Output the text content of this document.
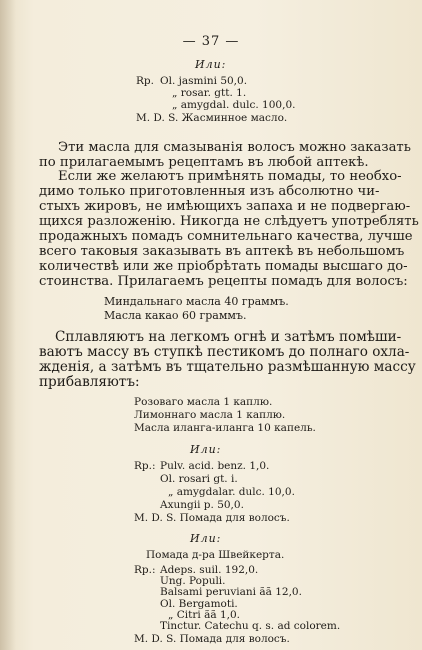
— 37 —
Или:
Rp. Ol. jasmini 50,0.
„ rosar. gtt. 1.
„ amygdal. dulc. 100,0.
M. D. S. Жасминное масло.
Эти масла для смазыванія волосъ можно заказать
по прилагаемымъ рецептамъ въ любой аптекѣ.
Если же желаютъ примѣнять помады, то необхо-
димо только приготовленныя изъ абсолютно чи-
стыхъ жировъ, не имѣющихъ запаха и не подвергаю-
щихся разложенію. Никогда не слѣдуетъ употреблять
продажныхъ помадъ сомнительнаго качества, лучше
всего таковыя заказывать въ аптекѣ въ небольшомъ
количествѣ или же пріобрѣтать помады высшаго до-
стоинства. Прилагаемъ рецепты помадъ для волосъ:
Миндальнаго масла 40 граммъ.
Масла какао 60 граммъ.
Сплавляютъ на легкомъ огнѣ и затѣмъ помѣши-
ваютъ массу въ ступкѣ пестикомъ до полнаго охла-
жденія, а затѣмъ въ тщательно размѣшанную массу
прибавляютъ:
Розоваго масла 1 каплю.
Лимоннаго масла 1 каплю.
Масла иланга-иланга 10 капель.
Или:
Rp.: Pulv. acid. benz. 1,0.
Ol. rosari gt. i.
„ amygdalar. dulc. 10,0.
Axungii p. 50,0.
M. D. S. Помада для волосъ.
Или:
Помада д-ра Швейкерта.
Rp.: Adeps. suil. 192,0.
Ung. Populi.
Balsami peruviani ãã 12,0.
Ol. Bergamoti.
„ Citri ãã 1,0.
Tinctur. Catechu q. s. ad colorem.
M. D. S. Помада для волосъ.
